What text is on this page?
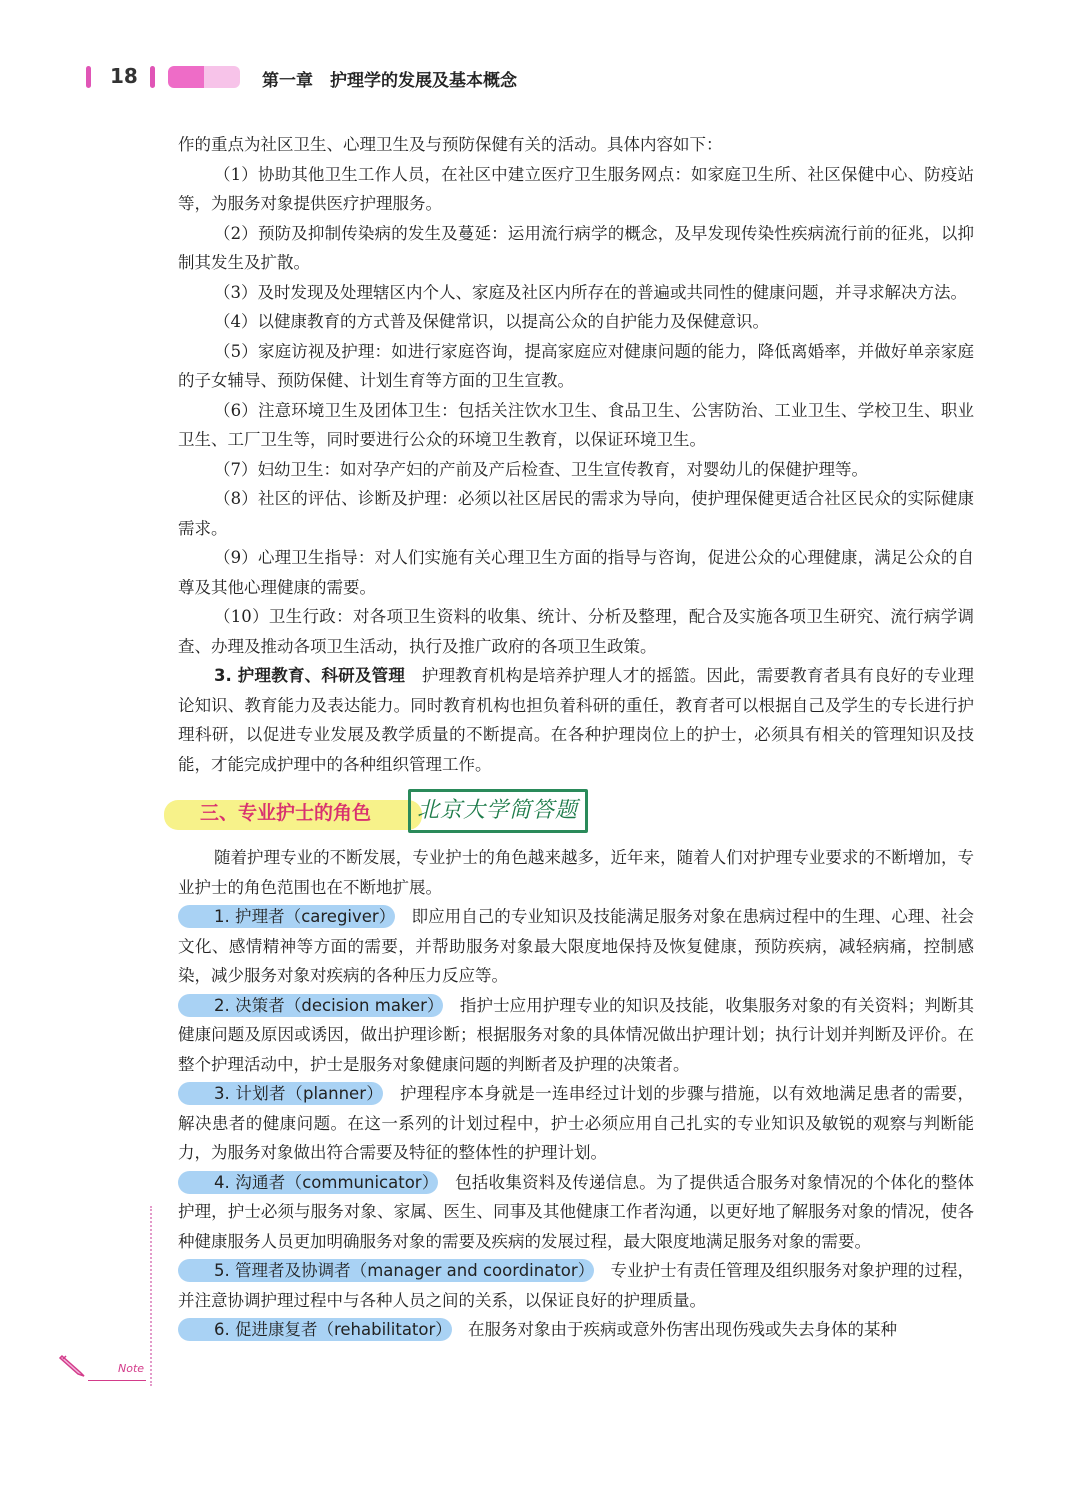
18	第一章　护理学的发展及基本概念

作的重点为社区卫生、心理卫生及与预防保健有关的活动。具体内容如下：

（1）协助其他卫生工作人员，在社区中建立医疗卫生服务网点：如家庭卫生所、社区保健中心、防疫站等，为服务对象提供医疗护理服务。

（2）预防及抑制传染病的发生及蔓延：运用流行病学的概念，及早发现传染性疾病流行前的征兆，以抑制其发生及扩散。

（3）及时发现及处理辖区内个人、家庭及社区内所存在的普遍或共同性的健康问题，并寻求解决方法。

（4）以健康教育的方式普及保健常识，以提高公众的自护能力及保健意识。

（5）家庭访视及护理：如进行家庭咨询，提高家庭应对健康问题的能力，降低离婚率，并做好单亲家庭的子女辅导、预防保健、计划生育等方面的卫生宣教。

（6）注意环境卫生及团体卫生：包括关注饮水卫生、食品卫生、公害防治、工业卫生、学校卫生、职业卫生、工厂卫生等，同时要进行公众的环境卫生教育，以保证环境卫生。

（7）妇幼卫生：如对孕产妇的产前及产后检查、卫生宣传教育，对婴幼儿的保健护理等。

（8）社区的评估、诊断及护理：必须以社区居民的需求为导向，使护理保健更适合社区民众的实际健康需求。

（9）心理卫生指导：对人们实施有关心理卫生方面的指导与咨询，促进公众的心理健康，满足公众的自尊及其他心理健康的需要。

（10）卫生行政：对各项卫生资料的收集、统计、分析及整理，配合及实施各项卫生研究、流行病学调查、办理及推动各项卫生活动，执行及推广政府的各项卫生政策。

3. 护理教育、科研及管理　 护理教育机构是培养护理人才的摇篮。因此，需要教育者具有良好的专业理论知识、教育能力及表达能力。同时教育机构也担负着科研的重任，教育者可以根据自己及学生的专长进行护理科研，以促进专业发展及教学质量的不断提高。在各种护理岗位上的护士，必须具有相关的管理知识及技能，才能完成护理中的各种组织管理工作。

三、专业护士的角色	北京大学简答题

随着护理专业的不断发展，专业护士的角色越来越多，近年来，随着人们对护理专业要求的不断增加，专业护士的角色范围也在不断地扩展。

1. 护理者（caregiver）　 即应用自己的专业知识及技能满足服务对象在患病过程中的生理、心理、社会文化、感情精神等方面的需要，并帮助服务对象最大限度地保持及恢复健康，预防疾病，减轻病痛，控制感染，减少服务对象对疾病的各种压力反应等。

2. 决策者（decision maker）　 指护士应用护理专业的知识及技能，收集服务对象的有关资料；判断其健康问题及原因或诱因，做出护理诊断；根据服务对象的具体情况做出护理计划；执行计划并判断及评价。在整个护理活动中，护士是服务对象健康问题的判断者及护理的决策者。

3. 计划者（planner）　 护理程序本身就是一连串经过计划的步骤与措施，以有效地满足患者的需要，解决患者的健康问题。在这一系列的计划过程中，护士必须应用自己扎实的专业知识及敏锐的观察与判断能力，为服务对象做出符合需要及特征的整体性的护理计划。

4. 沟通者（communicator）　 包括收集资料及传递信息。为了提供适合服务对象情况的个体化的整体护理，护士必须与服务对象、家属、医生、同事及其他健康工作者沟通，以更好地了解服务对象的情况，使各种健康服务人员更加明确服务对象的需要及疾病的发展过程，最大限度地满足服务对象的需要。

5. 管理者及协调者（manager and coordinator）　 专业护士有责任管理及组织服务对象护理的过程，并注意协调护理过程中与各种人员之间的关系，以保证良好的护理质量。

6. 促进康复者（rehabilitator）　 在服务对象由于疾病或意外伤害出现伤残或失去身体的某种

Note
